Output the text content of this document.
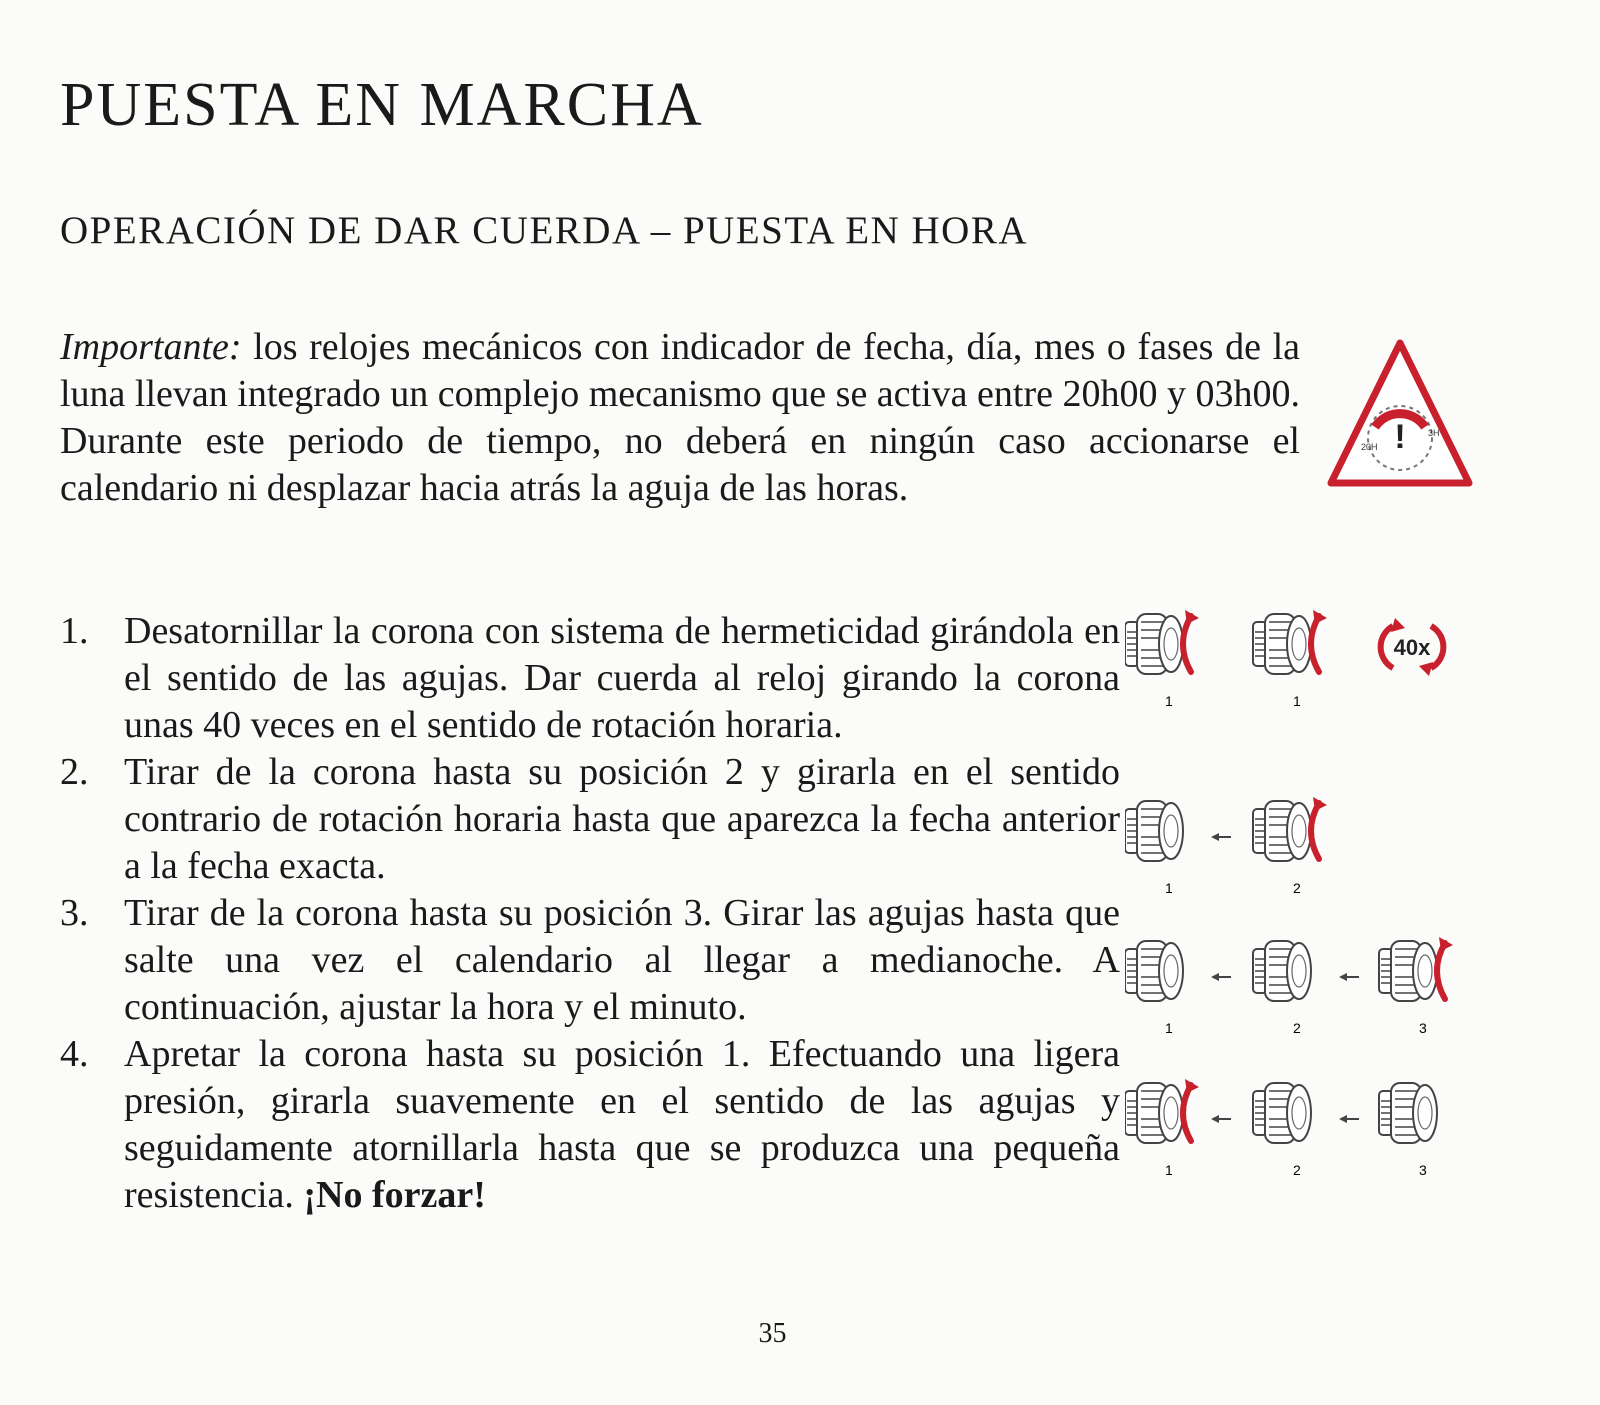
PUESTA EN MARCHA
OPERACIÓN DE DAR CUERDA – PUESTA EN HORA

Importante: los relojes mecánicos con indicador de fecha, día, mes o fases de la luna llevan integrado un complejo mecanismo que se activa entre 20h00 y 03h00. Durante este periodo de tiempo, no deberá en ningún caso accionarse el calendario ni desplazar hacia atrás la aguja de las horas.

!
20H
3H
1. Desatornillar la corona con sistema de hermeticidad girándola en el sentido de las agujas. Dar cuerda al reloj girando la corona unas 40 veces en el sentido de rotación horaria.
2. Tirar de la corona hasta su posición 2 y girarla en el sentido contrario de rotación horaria hasta que aparezca la fecha anterior a la fecha exacta.
3. Tirar de la corona hasta su posición 3. Girar las agujas hasta que salte una vez el calendario al llegar a medianoche. A continuación, ajustar la hora y el minuto.
4. Apretar la corona hasta su posición 1. Efectuando una ligera presión, girarla suavemente en el sentido de las agujas y seguidamente atornillarla hasta que se produzca una pequeña resistencia. ¡No forzar!
1	1
40x
1	2
1	2	3
1	2	3
35
